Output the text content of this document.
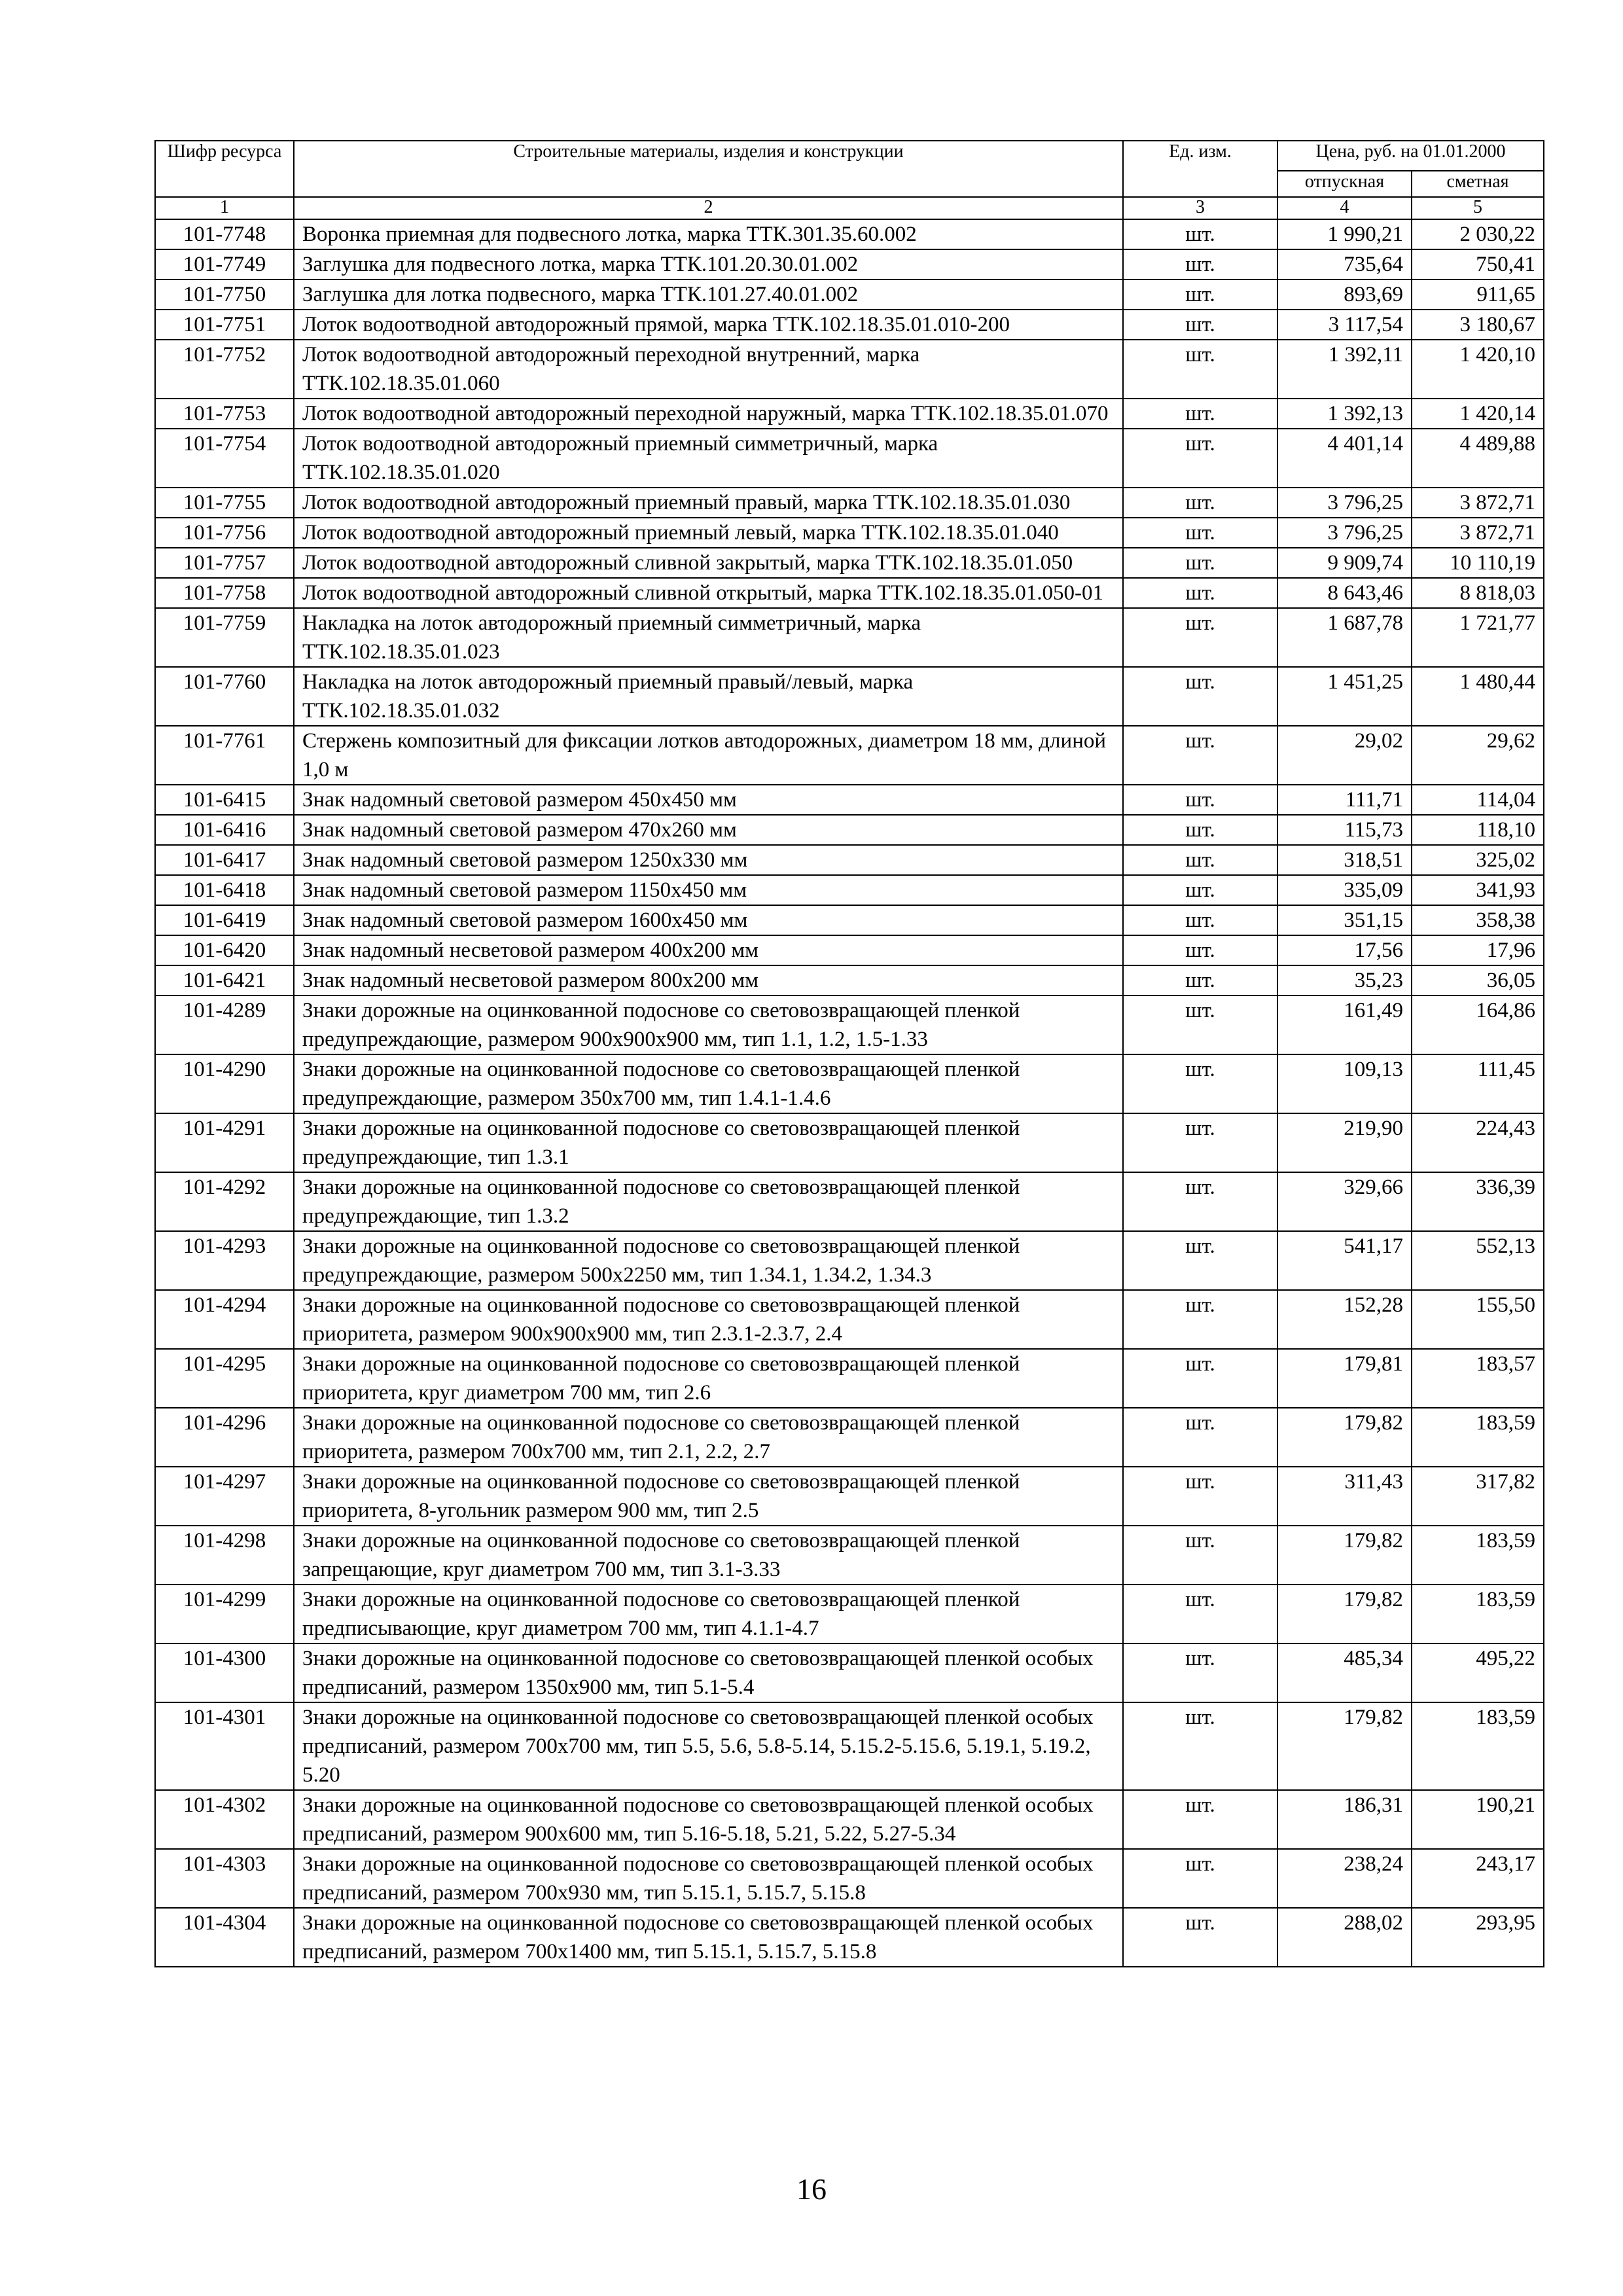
Шифр ресурса	Строительные материалы, изделия и конструкции	Ед. изм.	Цена, руб. на 01.01.2000	
			отпускная	сметная
1	2	3	4	5
101-7748	Воронка приемная для подвесного лотка, марка ТТК.301.35.60.002	шт.	1 990,21	2 030,22
101-7749	Заглушка для подвесного лотка, марка ТТК.101.20.30.01.002	шт.	735,64	750,41
101-7750	Заглушка для лотка подвесного, марка ТТК.101.27.40.01.002	шт.	893,69	911,65
101-7751	Лоток водоотводной автодорожный прямой, марка ТТК.102.18.35.01.010-200	шт.	3 117,54	3 180,67
101-7752	Лоток водоотводной автодорожный переходной внутренний, марка ТТК.102.18.35.01.060	шт.	1 392,11	1 420,10
101-7753	Лоток водоотводной автодорожный переходной наружный, марка ТТК.102.18.35.01.070	шт.	1 392,13	1 420,14
101-7754	Лоток водоотводной автодорожный приемный симметричный, марка ТТК.102.18.35.01.020	шт.	4 401,14	4 489,88
101-7755	Лоток водоотводной автодорожный приемный правый, марка ТТК.102.18.35.01.030	шт.	3 796,25	3 872,71
101-7756	Лоток водоотводной автодорожный приемный левый, марка ТТК.102.18.35.01.040	шт.	3 796,25	3 872,71
101-7757	Лоток водоотводной автодорожный сливной закрытый, марка ТТК.102.18.35.01.050	шт.	9 909,74	10 110,19
101-7758	Лоток водоотводной автодорожный сливной открытый, марка ТТК.102.18.35.01.050-01	шт.	8 643,46	8 818,03
101-7759	Накладка на лоток автодорожный приемный симметричный, марка ТТК.102.18.35.01.023	шт.	1 687,78	1 721,77
101-7760	Накладка на лоток автодорожный приемный правый/левый, марка ТТК.102.18.35.01.032	шт.	1 451,25	1 480,44
101-7761	Стержень композитный для фиксации лотков автодорожных, диаметром 18 мм, длиной 1,0 м	шт.	29,02	29,62
101-6415	Знак надомный световой размером 450х450 мм	шт.	111,71	114,04
101-6416	Знак надомный световой размером 470х260 мм	шт.	115,73	118,10
101-6417	Знак надомный световой размером 1250х330 мм	шт.	318,51	325,02
101-6418	Знак надомный световой размером 1150х450 мм	шт.	335,09	341,93
101-6419	Знак надомный световой размером 1600х450 мм	шт.	351,15	358,38
101-6420	Знак надомный несветовой размером 400х200 мм	шт.	17,56	17,96
101-6421	Знак надомный несветовой размером 800х200 мм	шт.	35,23	36,05
101-4289	Знаки дорожные на оцинкованной подоснове со световозвращающей пленкой предупреждающие, размером 900х900х900 мм, тип 1.1, 1.2, 1.5-1.33	шт.	161,49	164,86
101-4290	Знаки дорожные на оцинкованной подоснове со световозвращающей пленкой предупреждающие, размером 350х700 мм, тип 1.4.1-1.4.6	шт.	109,13	111,45
101-4291	Знаки дорожные на оцинкованной подоснове со световозвращающей пленкой предупреждающие, тип 1.3.1	шт.	219,90	224,43
101-4292	Знаки дорожные на оцинкованной подоснове со световозвращающей пленкой предупреждающие, тип 1.3.2	шт.	329,66	336,39
101-4293	Знаки дорожные на оцинкованной подоснове со световозвращающей пленкой предупреждающие, размером 500х2250 мм, тип 1.34.1, 1.34.2, 1.34.3	шт.	541,17	552,13
101-4294	Знаки дорожные на оцинкованной подоснове со световозвращающей пленкой приоритета, размером 900х900х900 мм, тип 2.3.1-2.3.7, 2.4	шт.	152,28	155,50
101-4295	Знаки дорожные на оцинкованной подоснове со световозвращающей пленкой приоритета, круг диаметром 700 мм, тип 2.6	шт.	179,81	183,57
101-4296	Знаки дорожные на оцинкованной подоснове со световозвращающей пленкой приоритета, размером 700х700 мм, тип 2.1, 2.2, 2.7	шт.	179,82	183,59
101-4297	Знаки дорожные на оцинкованной подоснове со световозвращающей пленкой приоритета, 8-угольник размером 900 мм, тип 2.5	шт.	311,43	317,82
101-4298	Знаки дорожные на оцинкованной подоснове со световозвращающей пленкой запрещающие, круг диаметром 700 мм, тип 3.1-3.33	шт.	179,82	183,59
101-4299	Знаки дорожные на оцинкованной подоснове со световозвращающей пленкой предписывающие, круг диаметром 700 мм, тип 4.1.1-4.7	шт.	179,82	183,59
101-4300	Знаки дорожные на оцинкованной подоснове со световозвращающей пленкой особых предписаний, размером 1350х900 мм, тип 5.1-5.4	шт.	485,34	495,22
101-4301	Знаки дорожные на оцинкованной подоснове со световозвращающей пленкой особых предписаний, размером 700х700 мм, тип 5.5, 5.6, 5.8-5.14, 5.15.2-5.15.6, 5.19.1, 5.19.2, 5.20	шт.	179,82	183,59
101-4302	Знаки дорожные на оцинкованной подоснове со световозвращающей пленкой особых предписаний, размером 900х600 мм, тип 5.16-5.18, 5.21, 5.22, 5.27-5.34	шт.	186,31	190,21
101-4303	Знаки дорожные на оцинкованной подоснове со световозвращающей пленкой особых предписаний, размером 700х930 мм, тип 5.15.1, 5.15.7, 5.15.8	шт.	238,24	243,17
101-4304	Знаки дорожные на оцинкованной подоснове со световозвращающей пленкой особых предписаний, размером 700х1400 мм, тип 5.15.1, 5.15.7, 5.15.8	шт.	288,02	293,95
16
